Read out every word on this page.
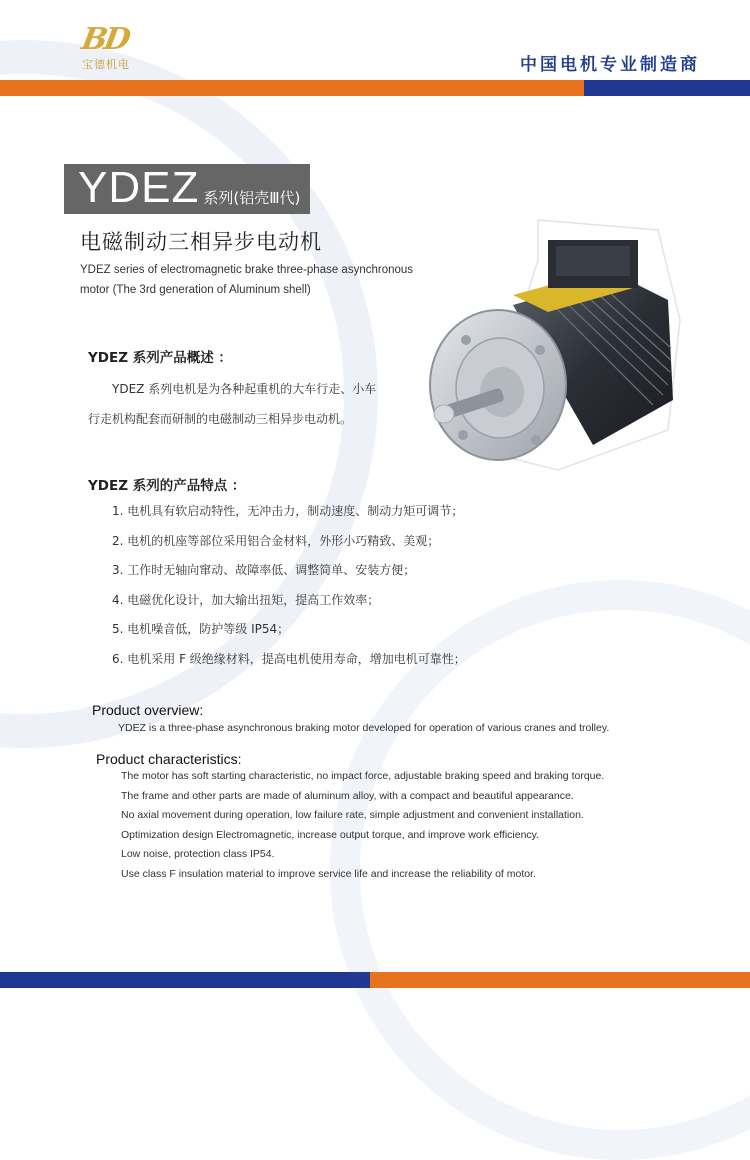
BD
宝德机电	中国电机专业制造商
YDEZ 系列(铝壳Ⅲ代)
电磁制动三相异步电动机
YDEZ series of electromagnetic brake three-phase asynchronous motor (The 3rd generation of Aluminum shell)
YDEZ 系列产品概述 ：
YDEZ 系列电机是为各种起重机的大车行走、小车行走机构配套而研制的电磁制动三相异步电动机。
YDEZ 系列的产品特点 ：
1. 电机具有软启动特性，无冲击力，制动速度、制动力矩可调节；
2. 电机的机座等部位采用铝合金材料，外形小巧精致、美观；
3. 工作时无轴向窜动、故障率低、调整简单、安装方便；
4. 电磁优化设计，加大输出扭矩，提高工作效率；
5. 电机噪音低，防护等级 IP54；
6. 电机采用 F 级绝缘材料，提高电机使用寿命，增加电机可靠性；
Product overview:
YDEZ is a three-phase asynchronous braking motor developed for operation of various cranes and trolley.
Product characteristics:
The motor has soft starting characteristic, no impact force, adjustable braking speed and braking torque.
The frame and other parts are made of aluminum alloy, with a compact and beautiful appearance.
No axial movement during operation, low failure rate, simple adjustment and convenient installation.
Optimization design Electromagnetic, increase output torque, and improve work efficiency.
Low noise, protection class IP54.
Use class F insulation material to improve service life and increase the reliability of motor.
